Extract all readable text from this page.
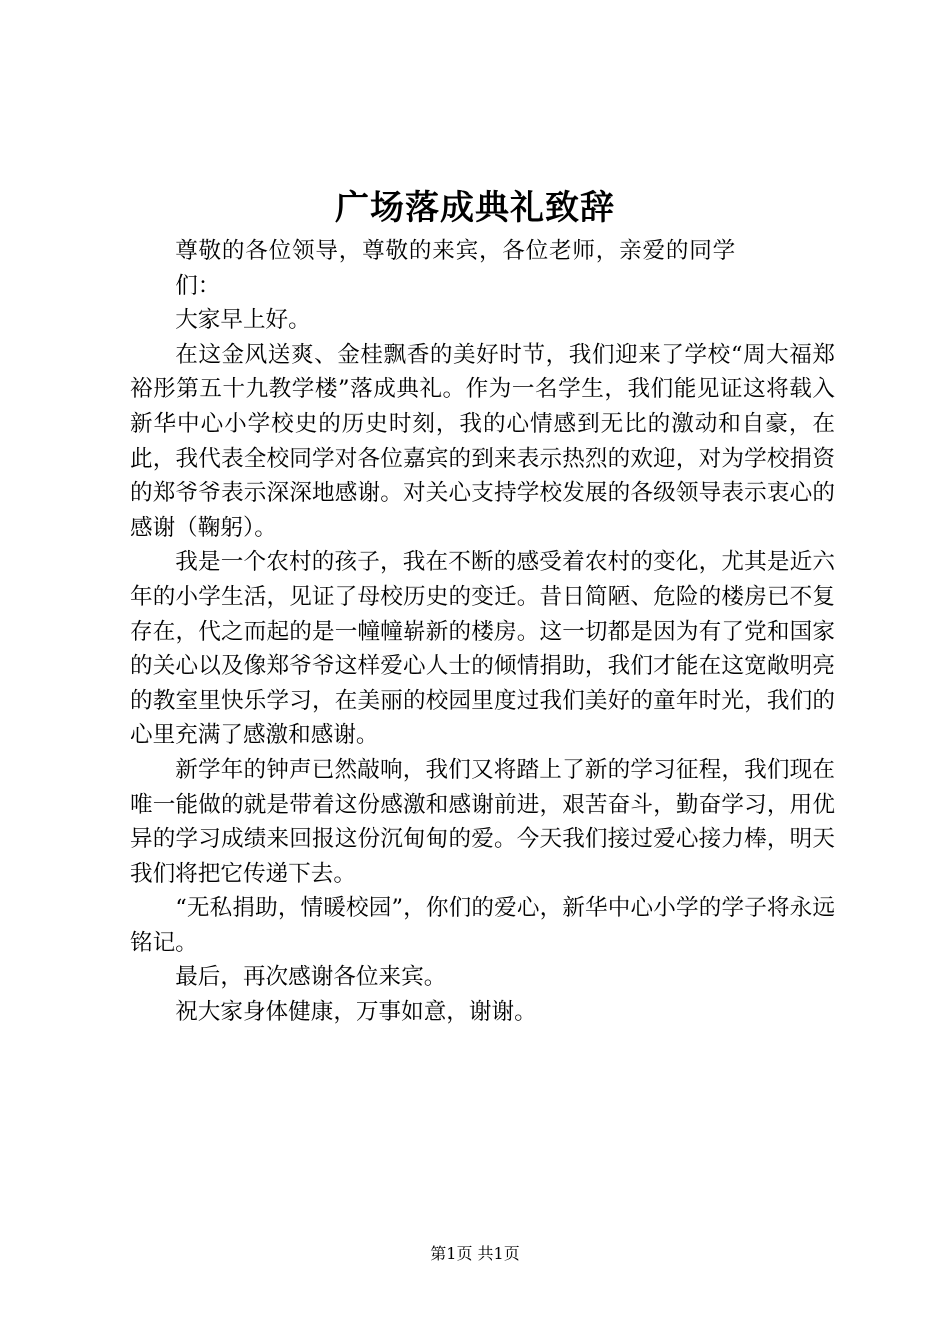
广场落成典礼致辞

尊敬的各位领导，尊敬的来宾，各位老师，亲爱的同学们：

大家早上好。

在这金风送爽、金桂飘香的美好时节，我们迎来了学校“周大福郑裕彤第五十九教学楼”落成典礼。作为一名学生，我们能见证这将载入新华中心小学校史的历史时刻，我的心情感到无比的激动和自豪，在此，我代表全校同学对各位嘉宾的到来表示热烈的欢迎，对为学校捐资的郑爷爷表示深深地感谢。对关心支持学校发展的各级领导表示衷心的感谢（鞠躬）。

我是一个农村的孩子，我在不断的感受着农村的变化，尤其是近六年的小学生活，见证了母校历史的变迁。昔日简陋、危险的楼房已不复存在，代之而起的是一幢幢崭新的楼房。这一切都是因为有了党和国家的关心以及像郑爷爷这样爱心人士的倾情捐助，我们才能在这宽敞明亮的教室里快乐学习，在美丽的校园里度过我们美好的童年时光，我们的心里充满了感激和感谢。

新学年的钟声已然敲响，我们又将踏上了新的学习征程，我们现在唯一能做的就是带着这份感激和感谢前进，艰苦奋斗，勤奋学习，用优异的学习成绩来回报这份沉甸甸的爱。今天我们接过爱心接力棒，明天我们将把它传递下去。

“无私捐助，情暖校园”，你们的爱心，新华中心小学的学子将永远铭记。

最后，再次感谢各位来宾。

祝大家身体健康，万事如意，谢谢。

第1页 共1页
